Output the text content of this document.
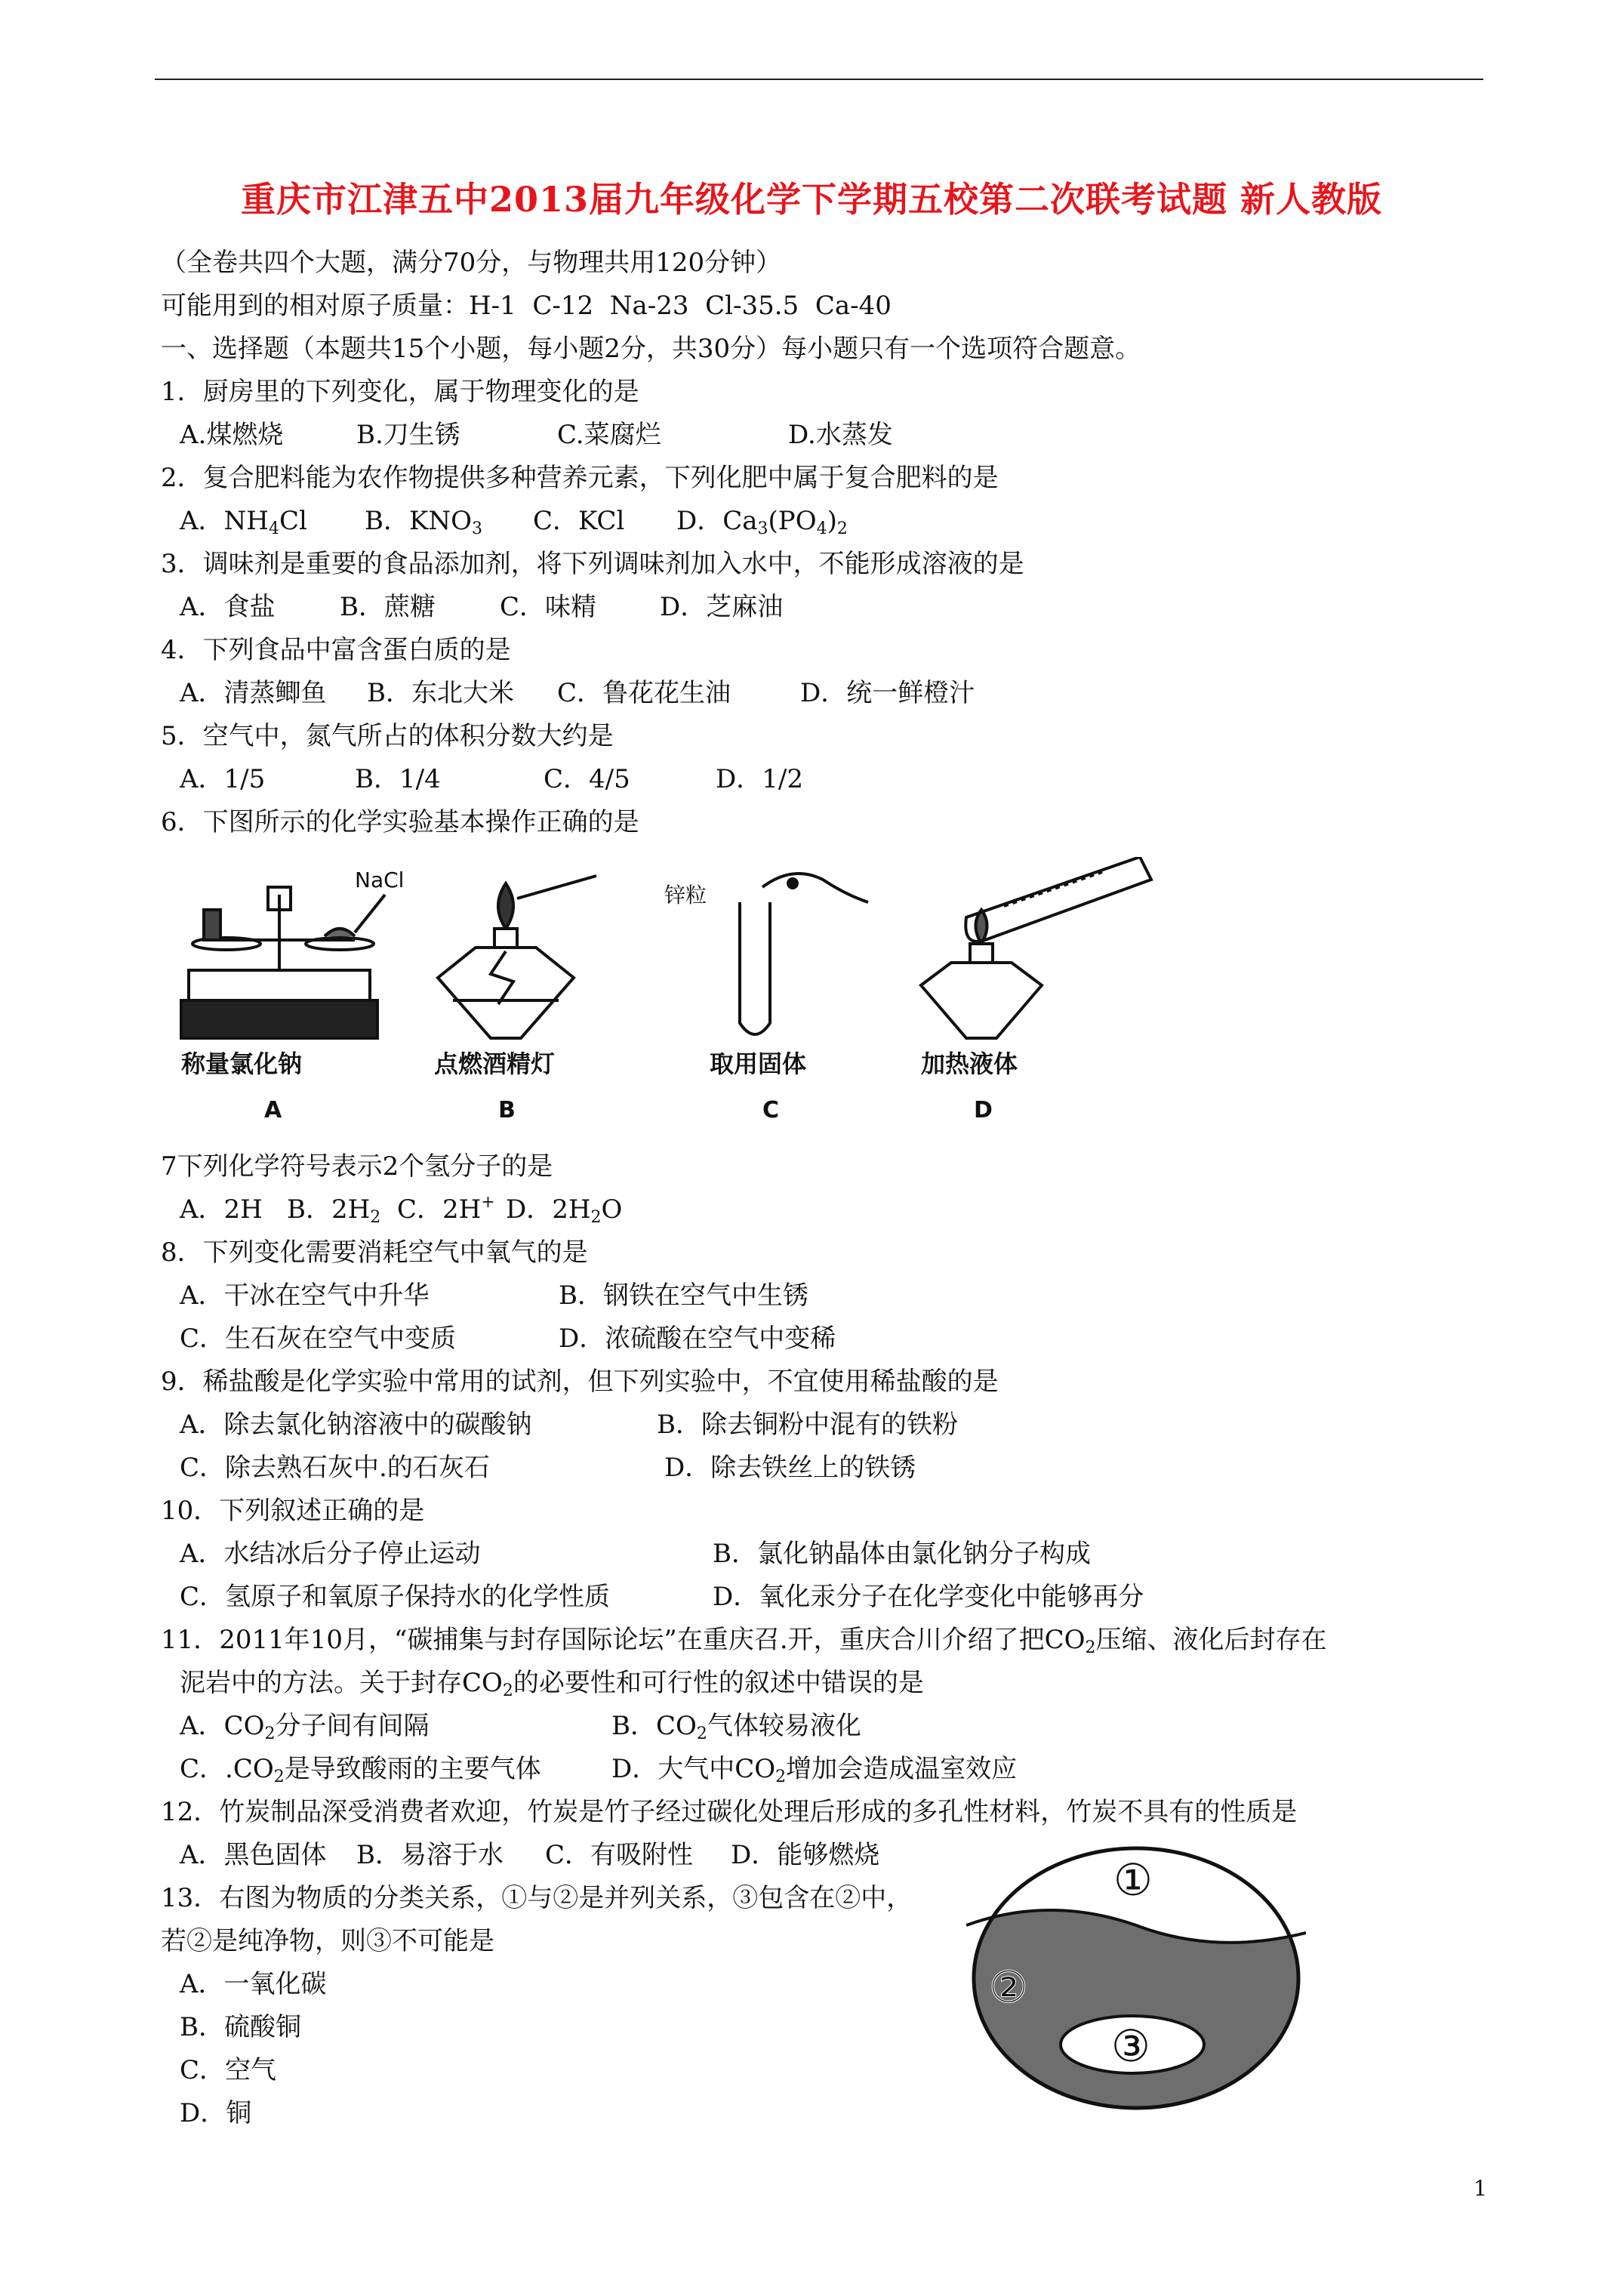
重庆市江津五中2013届九年级化学下学期五校第二次联考试题 新人教版
（全卷共四个大题，满分70分，与物理共用120分钟）
可能用到的相对原子质量：H-1  C-12  Na-23  Cl-35.5  Ca-40
一、选择题（本题共15个小题，每小题2分，共30分）每小题只有一个选项符合题意。
1．厨房里的下列变化，属于物理变化的是
A.煤燃烧	B.刀生锈	C.菜腐烂	D.水蒸发
2．复合肥料能为农作物提供多种营养元素，下列化肥中属于复合肥料的是
A．$NH_4Cl$ B．$KNO_3$ C．KCl D．$Ca_3(PO_4)_2$
3．调味剂是重要的食品添加剂，将下列调味剂加入水中，不能形成溶液的是
A．食盐	B．蔗糖	C．味精 D．芝麻油
4．下列食品中富含蛋白质的是
A．清蒸鲫鱼 B．东北大米 C．鲁花花生油	D．统一鲜橙汁
5．空气中，氮气所占的体积分数大约是
A．1/5	B．1/4	C．4/5	D．1/2
6．下图所示的化学实验基本操作正确的是
NaCl
称量氯化钠
A
点燃酒精灯
B
锌粒
取用固体
C
加热液体
D
7下列化学符号表示2个氢分子的是
A．2H B．$2H_2$ C．2H+ D．$2H_2O$
8．下列变化需要消耗空气中氧气的是
A．干冰在空气中升华	B．钢铁在空气中生锈
C．生石灰在空气中变质	D．浓硫酸在空气中变稀
9．稀盐酸是化学实验中常用的试剂，但下列实验中，不宜使用稀盐酸的是
A．除去氯化钠溶液中的碳酸钠	B．除去铜粉中混有的铁粉
C．除去熟石灰中.的石灰石	D．除去铁丝上的铁锈
10．下列叙述正确的是
A．水结冰后分子停止运动	B．氯化钠晶体由氯化钠分子构成
C．氢原子和氧原子保持水的化学性质	D．氧化汞分子在化学变化中能够再分
11．2011年10月，“碳捕集与封存国际论坛”在重庆召.开，重庆合川介绍了把$CO_2$压缩、液化后封存在
泥岩中的方法。关于封存$CO_2$的必要性和可行性的叙述中错误的是
A．$CO_2$分子间有间隔	B．$CO_2$气体较易液化
C．$.CO_2$是导致酸雨的主要气体	D．大气中$CO_2$增加会造成温室效应
12．竹炭制品深受消费者欢迎，竹炭是竹子经过碳化处理后形成的多孔性材料，竹炭不具有的性质是
A．黑色固体 B．易溶于水 C．有吸附性 D．能够燃烧
13．右图为物质的分类关系，①与②是并列关系，③包含在②中，
若②是纯净物，则③不可能是
A．一氧化碳
B．硫酸铜
C．空气
D．铜
①
②
③
1
